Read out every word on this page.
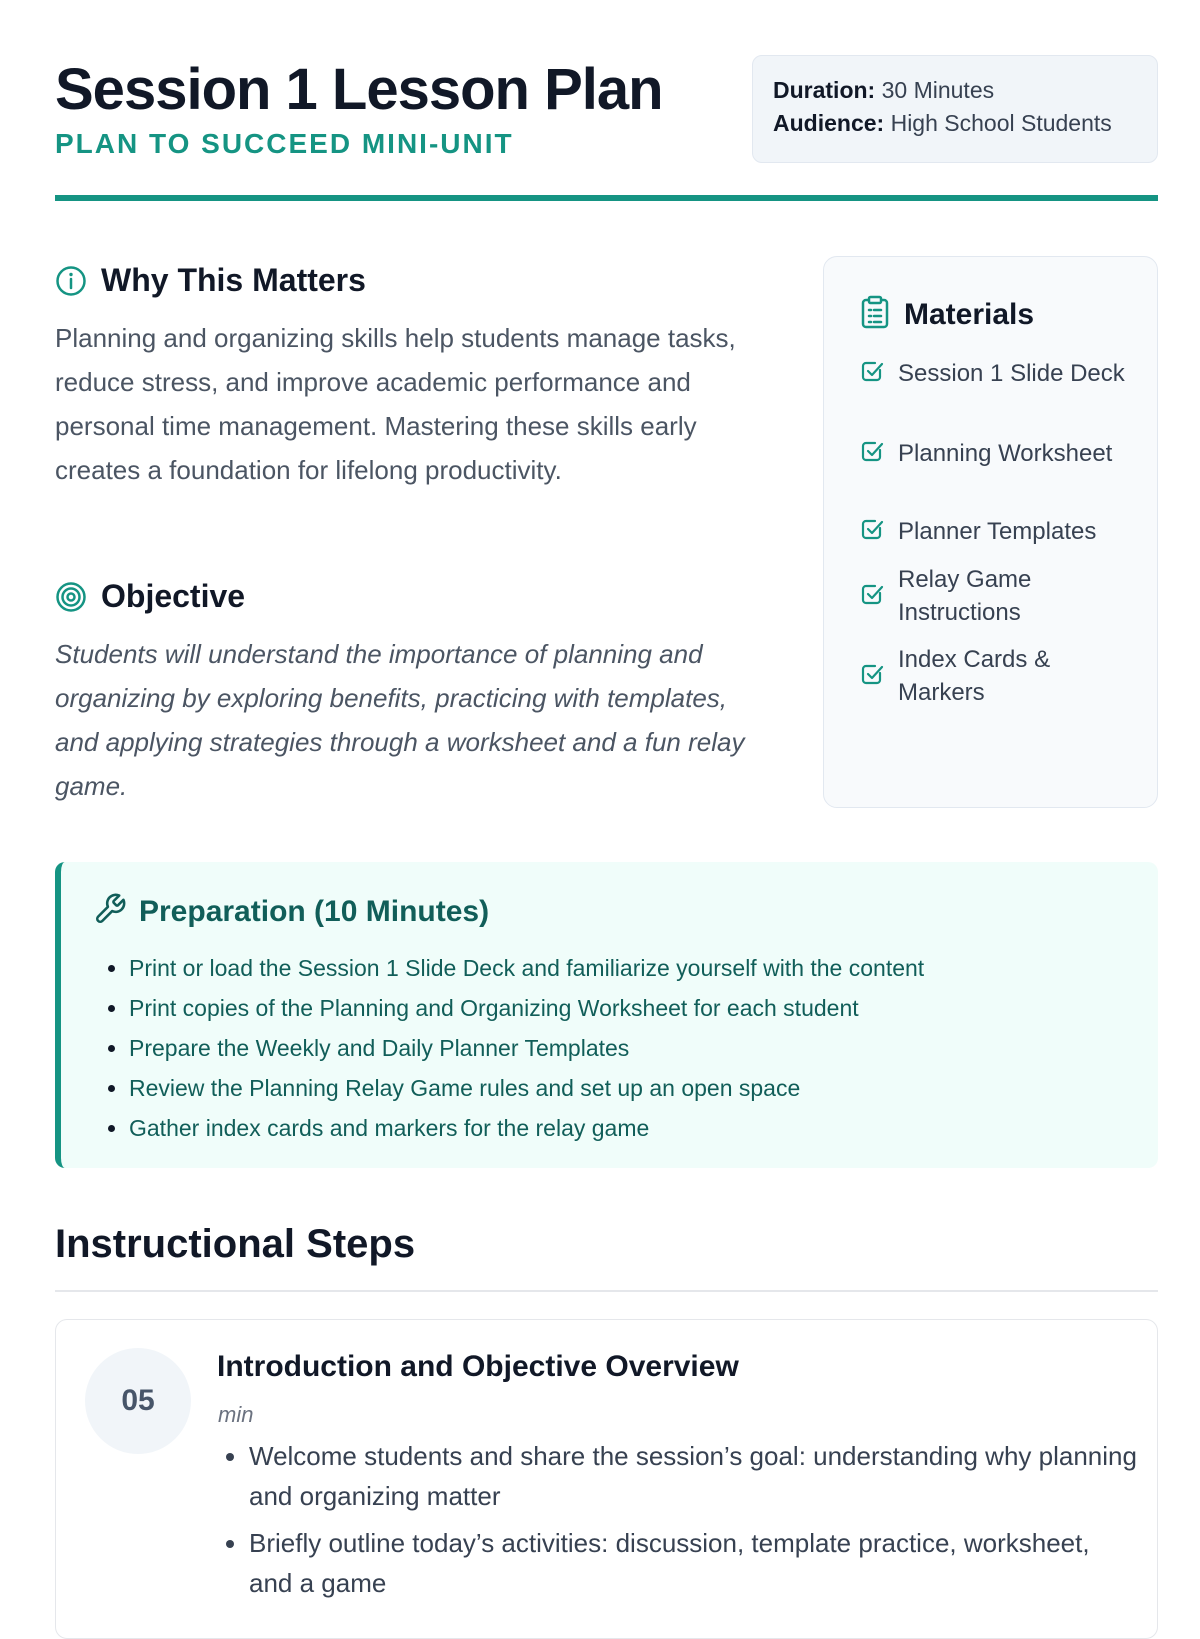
Session 1 Lesson Plan
PLAN TO SUCCEED MINI-UNIT
Duration: 30 Minutes
Audience: High School Students
Why This Matters
Planning and organizing skills help students manage tasks, reduce stress, and improve academic performance and personal time management. Mastering these skills early creates a foundation for lifelong productivity.
Objective
Students will understand the importance of planning and organizing by exploring benefits, practicing with templates, and applying strategies through a worksheet and a fun relay game.
Materials
Session 1 Slide Deck
Planning Worksheet
Planner Templates
Relay Game Instructions
Index Cards & Markers
Preparation (10 Minutes)
• Print or load the Session 1 Slide Deck and familiarize yourself with the content
• Print copies of the Planning and Organizing Worksheet for each student
• Prepare the Weekly and Daily Planner Templates
• Review the Planning Relay Game rules and set up an open space
• Gather index cards and markers for the relay game
Instructional Steps
05
Introduction and Objective Overview
min
• Welcome students and share the session’s goal: understanding why planning and organizing matter
• Briefly outline today’s activities: discussion, template practice, worksheet, and a game
